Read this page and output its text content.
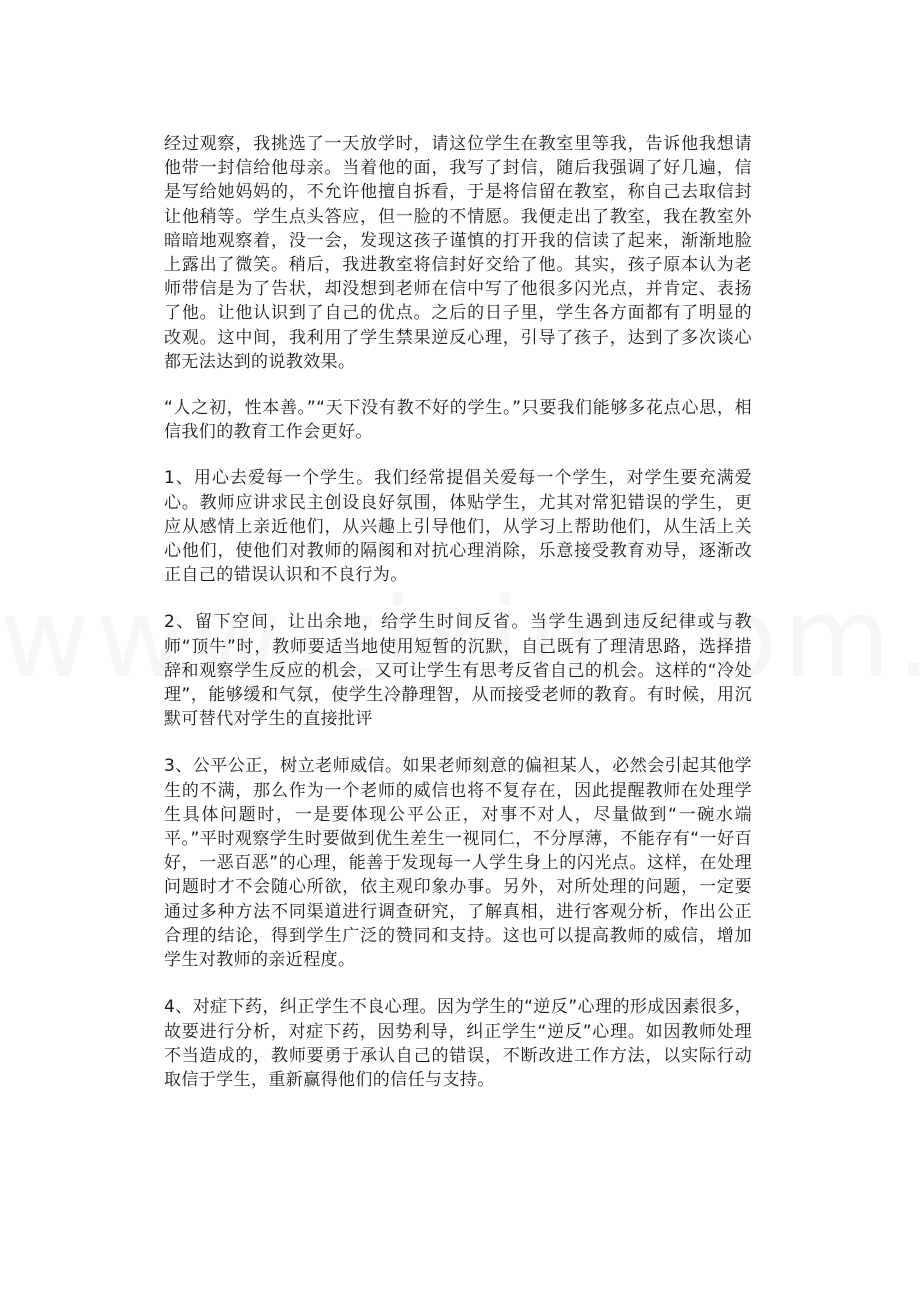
经过观察，我挑选了一天放学时，请这位学生在教室里等我，告诉他我想请他带一封信给他母亲。当着他的面，我写了封信，随后我强调了好几遍，信是写给她妈妈的，不允许他擅自拆看，于是将信留在教室，称自己去取信封让他稍等。学生点头答应，但一脸的不情愿。我便走出了教室，我在教室外暗暗地观察着，没一会，发现这孩子谨慎的打开我的信读了起来，渐渐地脸上露出了微笑。稍后，我进教室将信封好交给了他。其实，孩子原本认为老师带信是为了告状，却没想到老师在信中写了他很多闪光点，并肯定、表扬了他。让他认识到了自己的优点。之后的日子里，学生各方面都有了明显的改观。这中间，我利用了学生禁果逆反心理，引导了孩子，达到了多次谈心都无法达到的说教效果。

“人之初，性本善。”“天下没有教不好的学生。”只要我们能够多花点心思，相信我们的教育工作会更好。

1、用心去爱每一个学生。我们经常提倡关爱每一个学生，对学生要充满爱心。教师应讲求民主创设良好氛围，体贴学生，尤其对常犯错误的学生，更应从感情上亲近他们，从兴趣上引导他们，从学习上帮助他们，从生活上关心他们，使他们对教师的隔阂和对抗心理消除，乐意接受教育劝导，逐渐改正自己的错误认识和不良行为。

2、留下空间，让出余地，给学生时间反省。当学生遇到违反纪律或与教师“顶牛”时，教师要适当地使用短暂的沉默，自己既有了理清思路，选择措辞和观察学生反应的机会，又可让学生有思考反省自己的机会。这样的“冷处理”，能够缓和气氛，使学生冷静理智，从而接受老师的教育。有时候，用沉默可替代对学生的直接批评

3、公平公正，树立老师威信。如果老师刻意的偏袒某人，必然会引起其他学生的不满，那么作为一个老师的威信也将不复存在，因此提醒教师在处理学生具体问题时，一是要体现公平公正，对事不对人，尽量做到“一碗水端平。”平时观察学生时要做到优生差生一视同仁，不分厚薄，不能存有“一好百好，一恶百恶”的心理，能善于发现每一人学生身上的闪光点。这样，在处理问题时才不会随心所欲，依主观印象办事。另外，对所处理的问题，一定要通过多种方法不同渠道进行调查研究，了解真相，进行客观分析，作出公正合理的结论，得到学生广泛的赞同和支持。这也可以提高教师的威信，增加学生对教师的亲近程度。

4、对症下药，纠正学生不良心理。因为学生的“逆反”心理的形成因素很多，故要进行分析，对症下药，因势利导，纠正学生“逆反”心理。如因教师处理不当造成的，教师要勇于承认自己的错误，不断改进工作方法，以实际行动取信于学生，重新赢得他们的信任与支持。
